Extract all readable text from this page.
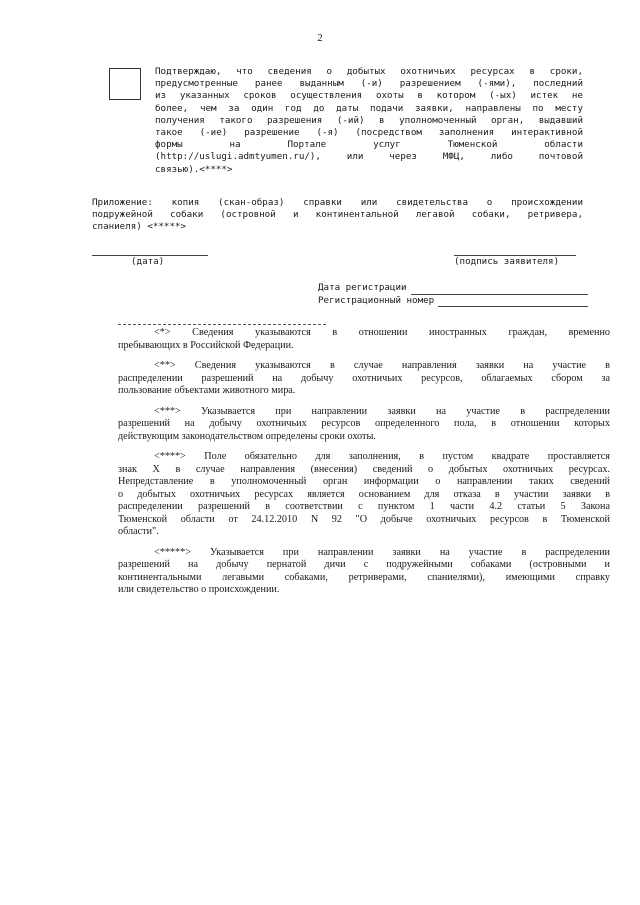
2
Подтверждаю, что сведения о добытых охотничьих ресурсах в сроки,
предусмотренные ранее выданным (-и) разрешением (-ями), последний
из указанных сроков осуществления охоты в котором (-ых) истек не
более, чем за один год до даты подачи заявки, направлены по месту
получения такого разрешения (-ий) в уполномоченный орган, выдавший
такое (-ие) разрешение (-я) (посредством заполнения интерактивной
формы на Портале услуг Тюменской области
(http://uslugi.admtyumen.ru/), или через МФЦ, либо почтовой
связью).<****>
Приложение: копия (скан-образ) справки или свидетельства о происхождении
подружейной собаки (островной и континентальной легавой собаки, ретривера,
спаниеля) <*****>
(дата)	(подпись заявителя)
Дата регистрации
Регистрационный номер
<*> Сведения указываются в отношении иностранных граждан, временно
пребывающих в Российской Федерации.
<**> Сведения указываются в случае направления заявки на участие в
распределении разрешений на добычу охотничьих ресурсов, облагаемых сбором за
пользование объектами животного мира.
<***> Указывается при направлении заявки на участие в распределении
разрешений на добычу охотничьих ресурсов определенного пола, в отношении которых
действующим законодательством определены сроки охоты.
<****> Поле обязательно для заполнения, в пустом квадрате проставляется
знак X в случае направления (внесения) сведений о добытых охотничьих ресурсах.
Непредставление в уполномоченный орган информации о направлении таких сведений
о добытых охотничьих ресурсах является основанием для отказа в участии заявки в
распределении разрешений в соответствии с пунктом 1 части 4.2 статьи 5 Закона
Тюменской области от 24.12.2010 N 92 "О добыче охотничьих ресурсов в Тюменской
области".
<*****> Указывается при направлении заявки на участие в распределении
разрешений на добычу пернатой дичи с подружейными собаками (островными и
континентальными легавыми собаками, ретриверами, спаниелями), имеющими справку
или свидетельство о происхождении.
